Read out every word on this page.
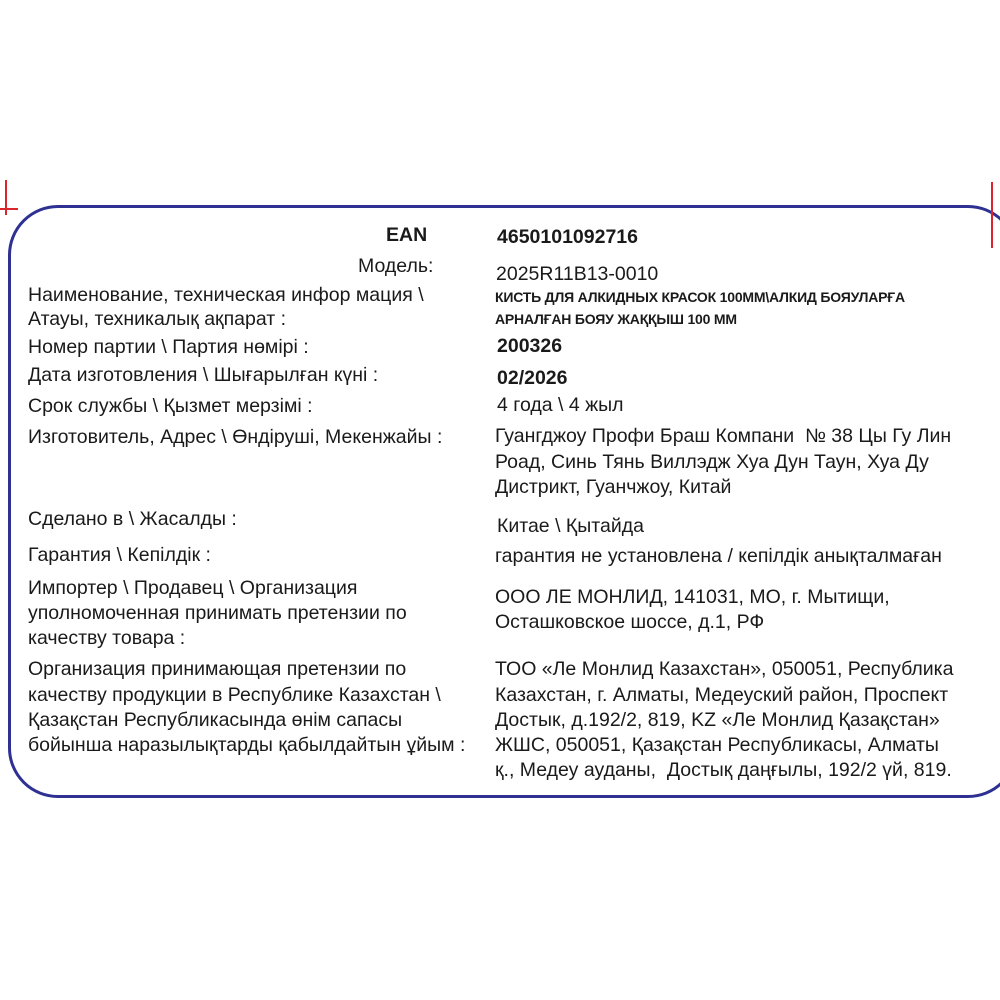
EAN	4650101092716
Модель:	2025R11B13-0010
Наименование, техническая инфор мация \
Атауы, техникалық ақпарат :
КИСТЬ ДЛЯ АЛКИДНЫХ КРАСОК 100ММ\АЛКИД БОЯУЛАРҒА
АРНАЛҒАН БОЯУ ЖАҚҚЫШ 100 ММ
Номер партии \ Партия нөмірі :	200326
Дата изготовления \ Шығарылған күні :	02/2026
Срок службы \ Қызмет мерзімі :	4 года \ 4 жыл
Изготовитель, Адрес \ Өндіруші, Мекенжайы :	Гуангджоу Профи Браш Компани  № 38 Цы Гу Лин
Роад, Синь Тянь Виллэдж Хуа Дун Таун, Хуа Ду
Дистрикт, Гуанчжоу, Китай
Сделано в \ Жасалды :	Китае \ Қытайда
Гарантия \ Кепілдік :	гарантия не установлена / кепілдік анықталмаған
Импортер \ Продавец \ Организация
уполномоченная принимать претензии по
качеству товара :
ООО ЛЕ МОНЛИД, 141031, МО, г. Мытищи,
Осташковское шоссе, д.1, РФ
Организация принимающая претензии по
качеству продукции в Республике Казахстан \
Қазақстан Республикасында өнім сапасы
бойынша наразылықтарды қабылдайтын ұйым :
ТОО «Ле Монлид Казахстан», 050051, Республика
Казахстан, г. Алматы, Медеуский район, Проспект
Достык, д.192/2, 819, KZ «Ле Монлид Қазақстан»
ЖШС, 050051, Қазақстан Республикасы, Алматы
қ., Медеу ауданы,  Достық даңғылы, 192/2 үй, 819.
